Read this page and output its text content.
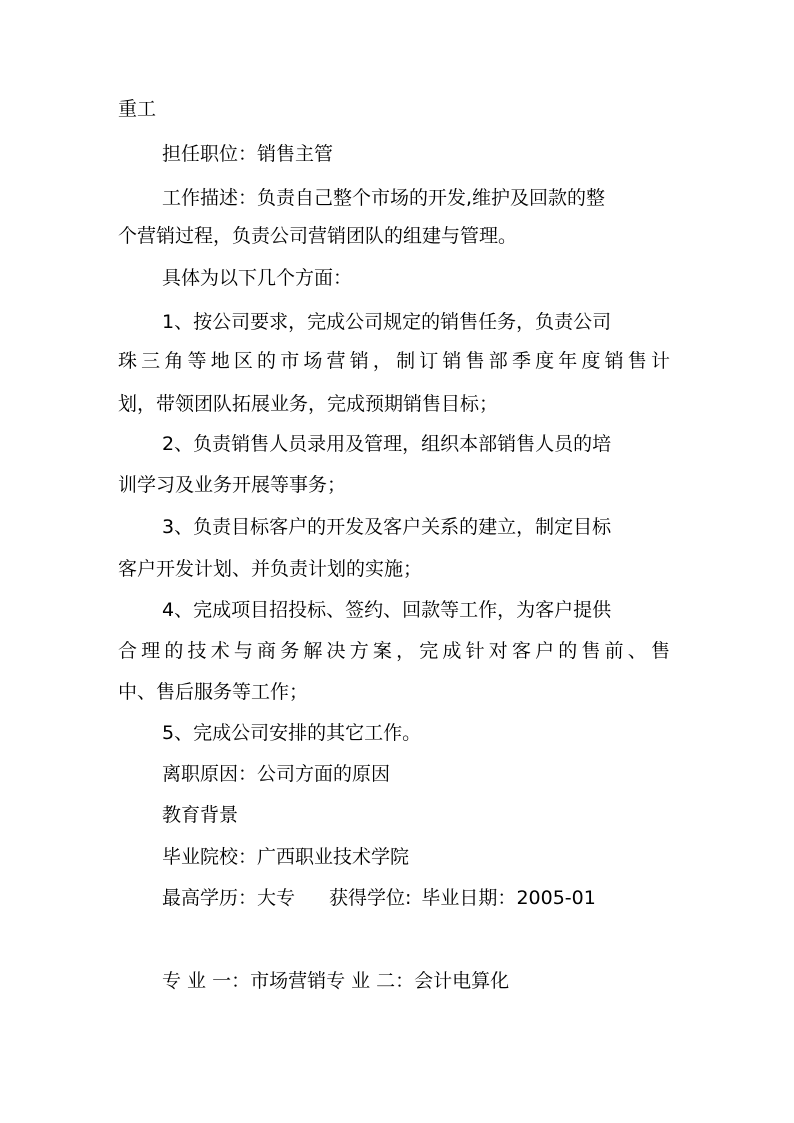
重工

担任职位：销售主管

工作描述：负责自己整个市场的开发,维护及回款的整

个营销过程，负责公司营销团队的组建与管理。

具体为以下几个方面：

1、按公司要求，完成公司规定的销售任务，负责公司

珠三角等地区的市场营销，制订销售部季度年度销售计

划，带领团队拓展业务，完成预期销售目标；

2、负责销售人员录用及管理，组织本部销售人员的培

训学习及业务开展等事务；

3、负责目标客户的开发及客户关系的建立，制定目标

客户开发计划、并负责计划的实施；

4、完成项目招投标、签约、回款等工作，为客户提供

合理的技术与商务解决方案，完成针对客户的售前、售

中、售后服务等工作；

5、完成公司安排的其它工作。

离职原因：公司方面的原因

教育背景

毕业院校：广西职业技术学院

最高学历：大专 获得学位: 毕业日期：2005-01

专 业 一：市场营销专 业 二：会计电算化
